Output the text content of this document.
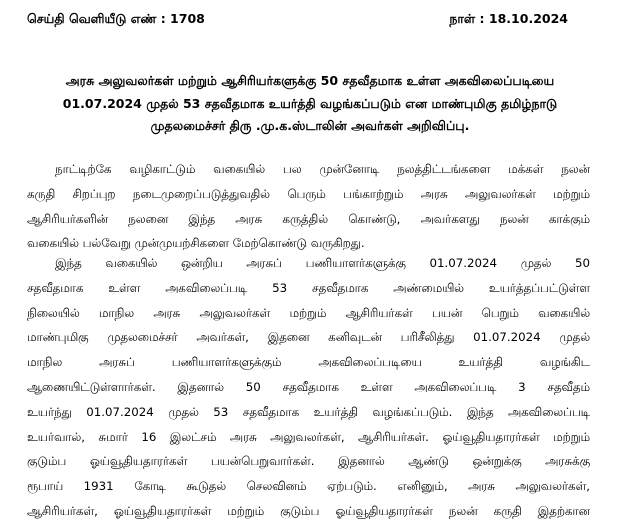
செய்தி வெளியீடு எண் : 1708	நாள் : 18.10.2024
அரசு அலுவலர்கள் மற்றும் ஆசிரியர்களுக்கு 50 சதவீதமாக உள்ள அகவிலைப்படியை
01.07.2024 முதல் 53 சதவீதமாக உயர்த்தி வழங்கப்படும் என மாண்புமிகு தமிழ்நாடு
முதலமைச்சர் திரு .மு.க.ஸ்டாலின் அவர்கள் அறிவிப்பு.
நாட்டிற்கே வழிகாட்டும் வகையில் பல முன்னோடி நலத்திட்டங்களை மக்கள் நலன்
கருதி சிறப்புற நடைமுறைப்படுத்துவதில் பெரும் பங்காற்றும் அரசு அலுவலர்கள் மற்றும்
ஆசிரியர்களின் நலனை இந்த அரசு கருத்தில் கொண்டு, அவர்களது நலன் காக்கும்
வகையில் பல்வேறு முன்முயற்சிகளை மேற்கொண்டு வருகிறது.
இந்த வகையில் ஒன்றிய அரசுப் பணியாளர்களுக்கு 01.07.2024 முதல் 50
சதவீதமாக உள்ள அகவிலைப்படி 53 சதவீதமாக அண்மையில் உயர்த்தப்பட்டுள்ள
நிலையில் மாநில அரசு அலுவலர்கள் மற்றும் ஆசிரியர்கள் பயன் பெறும் வகையில்
மாண்புமிகு முதலமைச்சர் அவர்கள், இதனை கனிவுடன் பரிசீலித்து 01.07.2024 முதல்
மாநில அரசுப் பணியாளர்களுக்கும் அகவிலைப்படியை உயர்த்தி வழங்கிட
ஆணையிட்டுள்ளார்கள். இதனால் 50 சதவீதமாக உள்ள அகவிலைப்படி 3 சதவீதம்
உயர்ந்து 01.07.2024 முதல் 53 சதவீதமாக உயர்த்தி வழங்கப்படும். இந்த அகவிலைப்படி
உயர்வால், சுமார் 16 இலட்சம் அரசு அலுவலர்கள், ஆசிரியர்கள். ஓய்வூதியதாரர்கள் மற்றும்
குடும்ப ஓய்வூதியதாரர்கள் பயன்பெறுவார்கள். இதனால் ஆண்டு ஒன்றுக்கு அரசுக்கு
ரூபாய் 1931 கோடி கூடுதல் செலவினம் ஏற்படும். எனினும், அரசு அலுவலர்கள்,
ஆசிரியர்கள், ஓய்வூதியதாரர்கள் மற்றும் குடும்ப ஓய்வூதியதாரர்கள் நலன் கருதி இதற்கான
